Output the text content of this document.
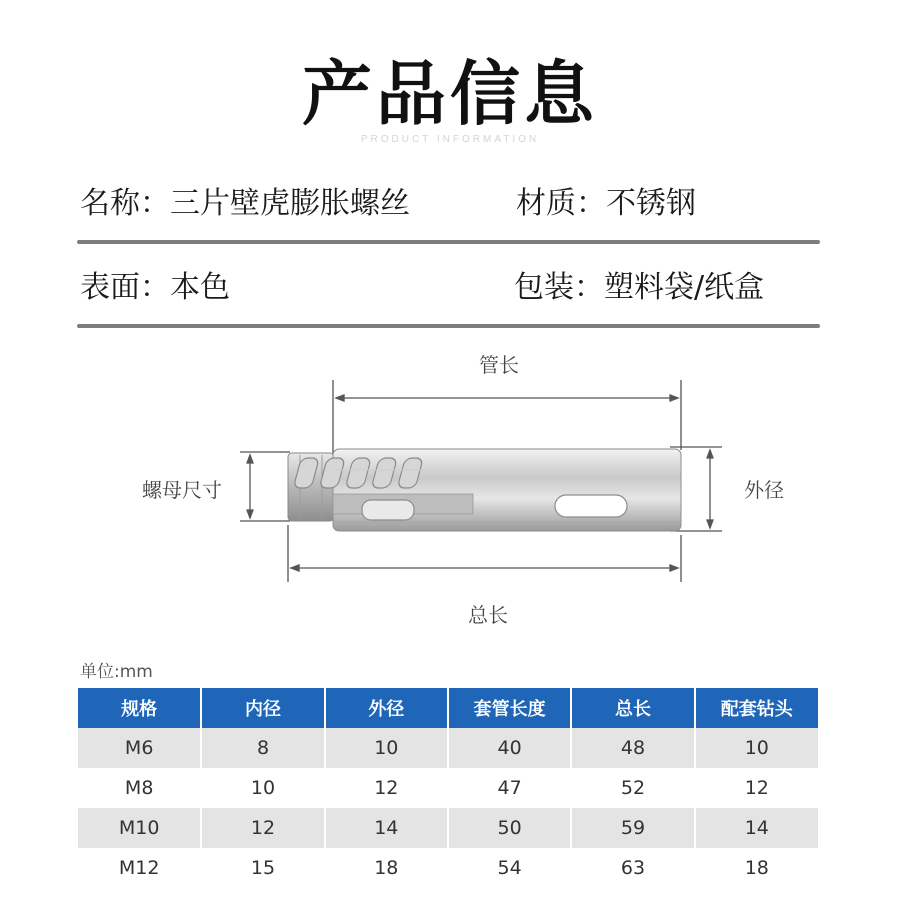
产品信息
PRODUCT INFORMATION
名称：三片壁虎膨胀螺丝	材质：不锈钢
表面：本色	包装：塑料袋/纸盒
管长
螺母尺寸	外径
总长
单位:mm
规格	内径	外径	套管长度	总长	配套钻头
M6	8	10	40	48	10
M8	10	12	47	52	12
M10	12	14	50	59	14
M12	15	18	54	63	18
